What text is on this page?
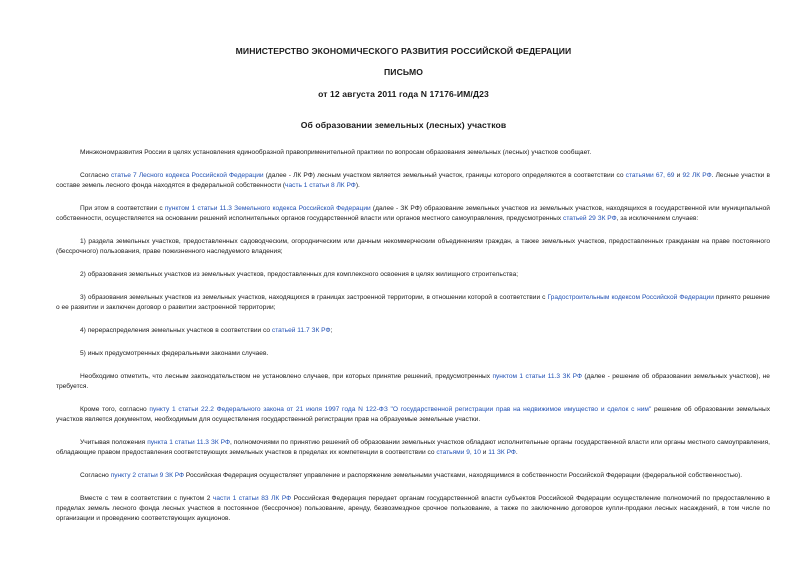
МИНИСТЕРСТВО ЭКОНОМИЧЕСКОГО РАЗВИТИЯ РОССИЙСКОЙ ФЕДЕРАЦИИ
ПИСЬМО
от 12 августа 2011 года N 17176-ИМ/Д23
Об образовании земельных (лесных) участков

Минэкономразвития России в целях установления единообразной правоприменительной практики по вопросам образования земельных (лесных) участков сообщает.

Согласно статье 7 Лесного кодекса Российской Федерации (далее - ЛК РФ) лесным участком является земельный участок, границы которого определяются в соответствии со статьями 67, 69 и 92 ЛК РФ. Лесные участки в составе земель лесного фонда находятся в федеральной собственности (часть 1 статьи 8 ЛК РФ).

При этом в соответствии с пунктом 1 статьи 11.3 Земельного кодекса Российской Федерации (далее - ЗК РФ) образование земельных участков из земельных участков, находящихся в государственной или муниципальной собственности, осуществляется на основании решений исполнительных органов государственной власти или органов местного самоуправления, предусмотренных статьей 29 ЗК РФ, за исключением случаев:

1) раздела земельных участков, предоставленных садоводческим, огородническим или дачным некоммерческим объединениям граждан, а также земельных участков, предоставленных гражданам на праве постоянного (бессрочного) пользования, праве пожизненного наследуемого владения;

2) образования земельных участков из земельных участков, предоставленных для комплексного освоения в целях жилищного строительства;

3) образования земельных участков из земельных участков, находящихся в границах застроенной территории, в отношении которой в соответствии с Градостроительным кодексом Российской Федерации принято решение о ее развитии и заключен договор о развитии застроенной территории;

4) перераспределения земельных участков в соответствии со статьей 11.7 ЗК РФ;

5) иных предусмотренных федеральными законами случаев.

Необходимо отметить, что лесным законодательством не установлено случаев, при которых принятие решений, предусмотренных пунктом 1 статьи 11.3 ЗК РФ (далее - решение об образовании земельных участков), не требуется.

Кроме того, согласно пункту 1 статьи 22.2 Федерального закона от 21 июля 1997 года N 122-ФЗ "О государственной регистрации прав на недвижимое имущество и сделок с ним" решение об образовании земельных участков является документом, необходимым для осуществления государственной регистрации прав на образуемые земельные участки.

Учитывая положения пункта 1 статьи 11.3 ЗК РФ, полномочиями по принятию решений об образовании земельных участков обладают исполнительные органы государственной власти или органы местного самоуправления, обладающие правом предоставления соответствующих земельных участков в пределах их компетенции в соответствии со статьями 9, 10 и 11 ЗК РФ.

Согласно пункту 2 статьи 9 ЗК РФ Российская Федерация осуществляет управление и распоряжение земельными участками, находящимися в собственности Российской Федерации (федеральной собственностью).

Вместе с тем в соответствии с пунктом 2 части 1 статьи 83 ЛК РФ Российская Федерация передает органам государственной власти субъектов Российской Федерации осуществление полномочий по предоставлению в пределах земель лесного фонда лесных участков в постоянное (бессрочное) пользование, аренду, безвозмездное срочное пользование, а также по заключению договоров купли-продажи лесных насаждений, в том числе по организации и проведению соответствующих аукционов.
